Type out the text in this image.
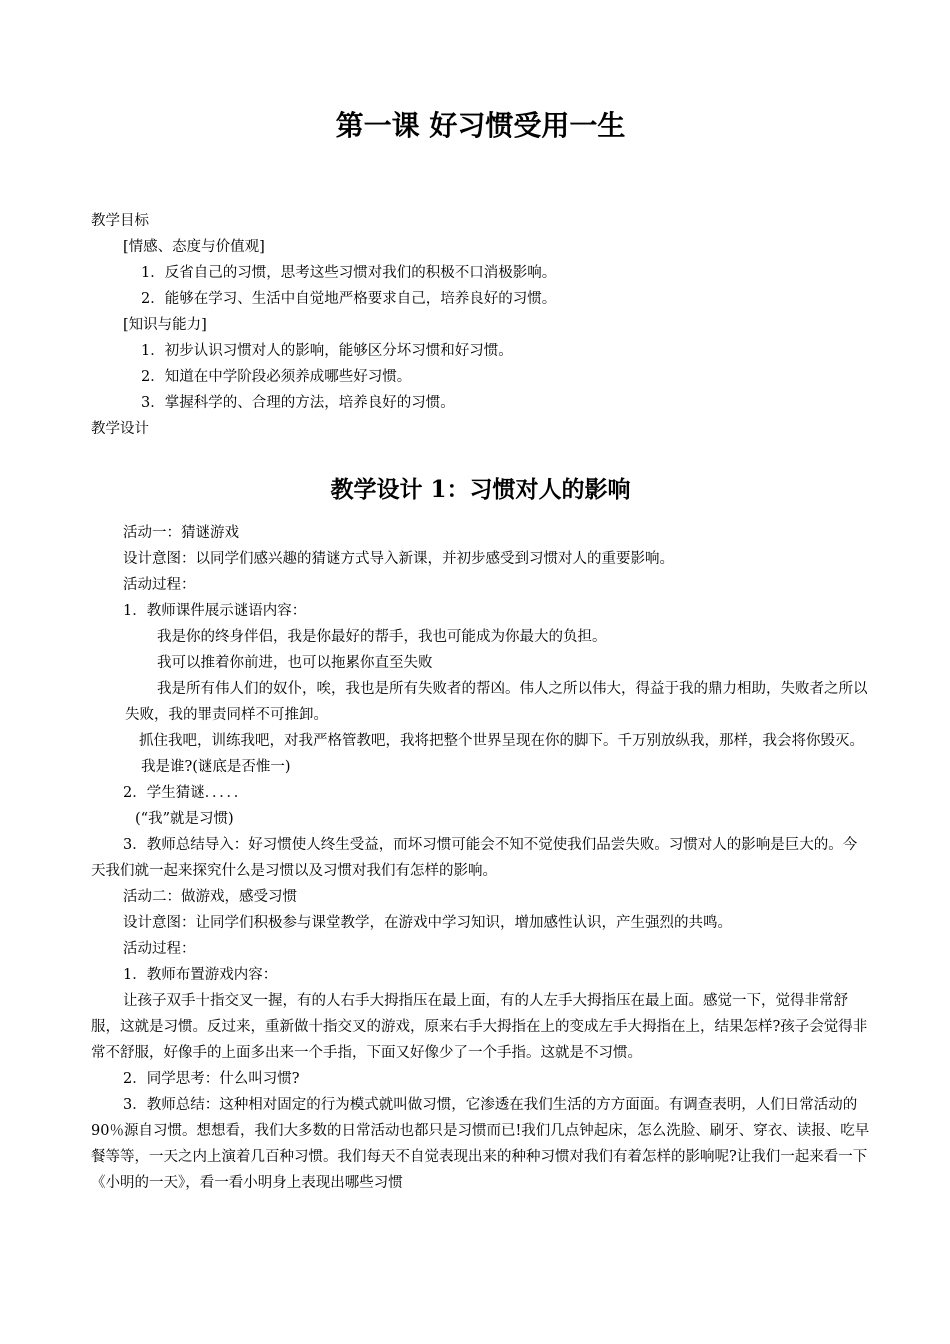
第一课 好习惯受用一生

教学目标

[情感、态度与价值观]

1．反省自己的习惯，思考这些习惯对我们的积极不口消极影响。

2．能够在学习、生活中自觉地严格要求自己，培养良好的习惯。

[知识与能力]

1．初步认识习惯对人的影响，能够区分坏习惯和好习惯。

2．知道在中学阶段必须养成哪些好习惯。

3．掌握科学的、合理的方法，培养良好的习惯。

教学设计

教学设计 1：习惯对人的影响

活动一：猜谜游戏

设计意图：以同学们感兴趣的猜谜方式导入新课，并初步感受到习惯对人的重要影响。

活动过程：

1．教师课件展示谜语内容：

我是你的终身伴侣，我是你最好的帮手，我也可能成为你最大的负担。

我可以推着你前进，也可以拖累你直至失败

我是所有伟人们的奴仆，唉，我也是所有失败者的帮凶。伟人之所以伟大，得益于我的鼎力相助，失败者之所以失败，我的罪责同样不可推卸。

抓住我吧，训练我吧，对我严格管教吧，我将把整个世界呈现在你的脚下。千万别放纵我，那样，我会将你毁灭。

我是谁?(谜底是否惟一)

2．学生猜谜．．．．．

(“我”就是习惯)

3．教师总结导入：好习惯使人终生受益，而坏习惯可能会不知不觉使我们品尝失败。习惯对人的影响是巨大的。今天我们就一起来探究什么是习惯以及习惯对我们有怎样的影响。

活动二：做游戏，感受习惯

设计意图：让同学们积极参与课堂教学，在游戏中学习知识，增加感性认识，产生强烈的共鸣。

活动过程：

1．教师布置游戏内容：

让孩子双手十指交叉一握，有的人右手大拇指压在最上面，有的人左手大拇指压在最上面。感觉一下，觉得非常舒服，这就是习惯。反过来，重新做十指交叉的游戏，原来右手大拇指在上的变成左手大拇指在上，结果怎样?孩子会觉得非常不舒服，好像手的上面多出来一个手指，下面又好像少了一个手指。这就是不习惯。

2．同学思考：什么叫习惯?

3．教师总结：这种相对固定的行为模式就叫做习惯，它渗透在我们生活的方方面面。有调查表明，人们日常活动的 90％源自习惯。想想看，我们大多数的日常活动也都只是习惯而已!我们几点钟起床，怎么洗脸、刷牙、穿衣、读报、吃早餐等等，一天之内上演着几百种习惯。我们每天不自觉表现出来的种种习惯对我们有着怎样的影响呢?让我们一起来看一下《小明的一天》，看一看小明身上表现出哪些习惯
